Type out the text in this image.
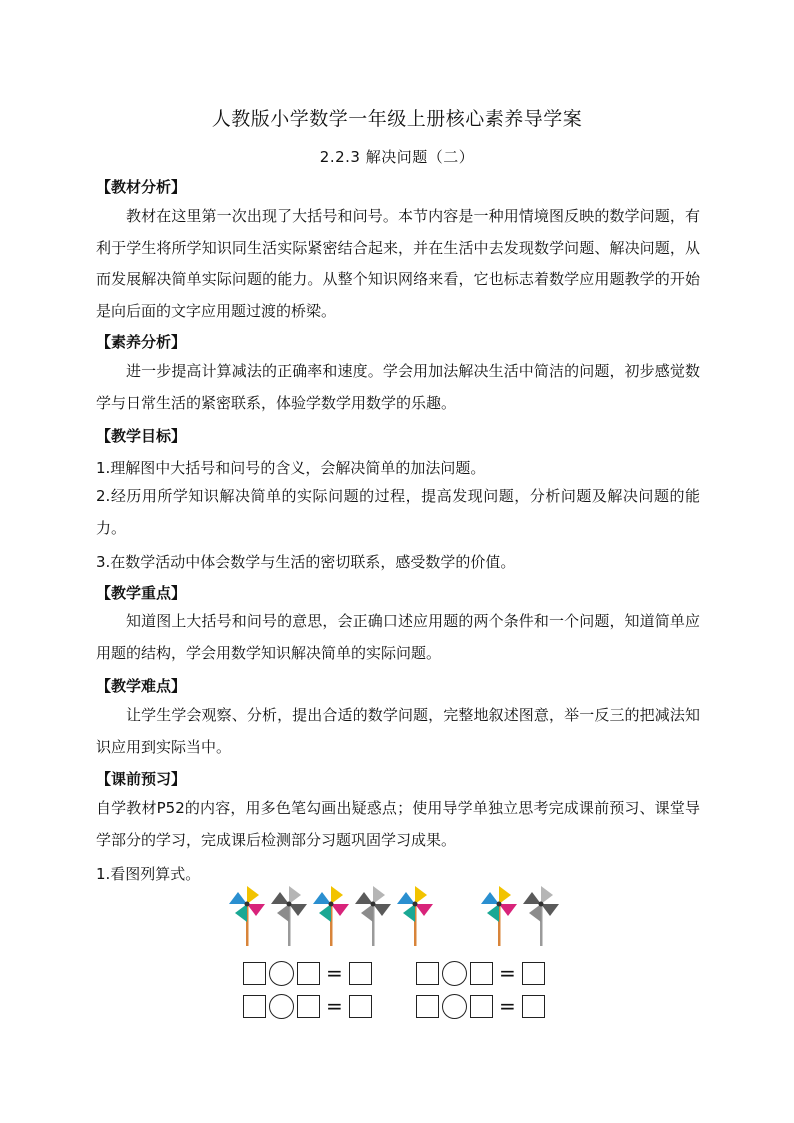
人教版小学数学一年级上册核心素养导学案
2.2.3 解决问题（二）
【教材分析】
教材在这里第一次出现了大括号和问号。本节内容是一种用情境图反映的数学问题，有利于学生将所学知识同生活实际紧密结合起来，并在生活中去发现数学问题、解决问题，从而发展解决简单实际问题的能力。从整个知识网络来看，它也标志着数学应用题教学的开始是向后面的文字应用题过渡的桥梁。
【素养分析】
进一步提高计算减法的正确率和速度。学会用加法解决生活中简洁的问题，初步感觉数学与日常生活的紧密联系，体验学数学用数学的乐趣。
【教学目标】
1.理解图中大括号和问号的含义，会解决简单的加法问题。
2.经历用所学知识解决简单的实际问题的过程，提高发现问题，分析问题及解决问题的能力。
3.在数学活动中体会数学与生活的密切联系，感受数学的价值。
【教学重点】
知道图上大括号和问号的意思，会正确口述应用题的两个条件和一个问题，知道简单应用题的结构，学会用数学知识解决简单的实际问题。
【教学难点】
让学生学会观察、分析，提出合适的数学问题，完整地叙述图意，举一反三的把减法知识应用到实际当中。
【课前预习】
自学教材P52的内容，用多色笔勾画出疑惑点；使用导学单独立思考完成课前预习、课堂导学部分的学习，完成课后检测部分习题巩固学习成果。
1.看图列算式。
=	=
=	=
